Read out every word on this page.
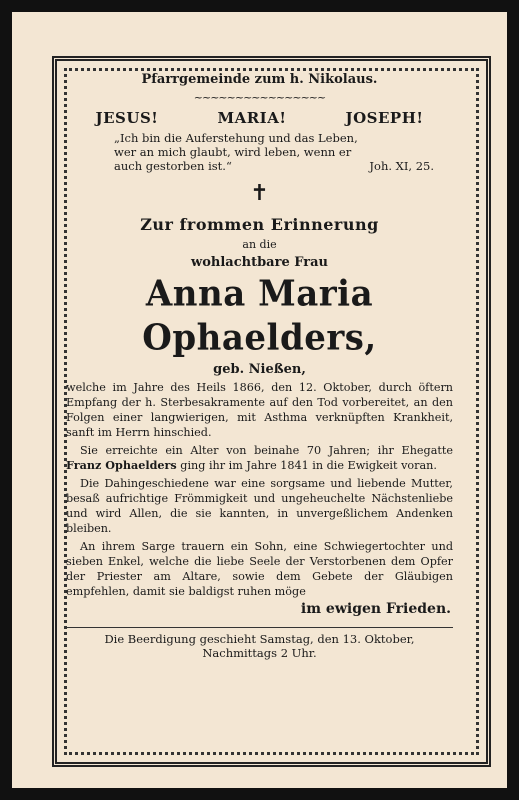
Pfarrgemeinde zum h. Nikolaus.

~~~~~~~~~~~~~~~~
JESUS!	MARIA!	JOSEPH!
„Ich bin die Auferstehung und das Leben,
wer an mich glaubt, wird leben, wenn er
auch gestorben ist.“	Joh. XI, 25.
✝
Zur frommen Erinnerung
an die
wohlachtbare Frau
Anna Maria Ophaelders,
geb. Nießen,
welche im Jahre des Heils 1866, den 12. Oktober, durch öftern Empfang der h. Sterbesakramente auf den Tod vorbereitet, an den Folgen einer langwierigen, mit Asthma verknüpften Krankheit, sanft im Herrn hinschied.
Sie erreichte ein Alter von beinahe 70 Jahren; ihr Ehegatte Franz Ophaelders ging ihr im Jahre 1841 in die Ewigkeit voran.
Die Dahingeschiedene war eine sorgsame und liebende Mutter, besaß aufrichtige Frömmigkeit und ungeheuchelte Nächstenliebe und wird Allen, die sie kannten, in unvergeßlichem Andenken bleiben.
An ihrem Sarge trauern ein Sohn, eine Schwiegertochter und sieben Enkel, welche die liebe Seele der Verstorbenen dem Opfer der Priester am Altare, sowie dem Gebete der Gläubigen empfehlen, damit sie baldigst ruhen möge
im ewigen Frieden.
Die Beerdigung geschieht Samstag, den 13. Oktober,
Nachmittags 2 Uhr.
